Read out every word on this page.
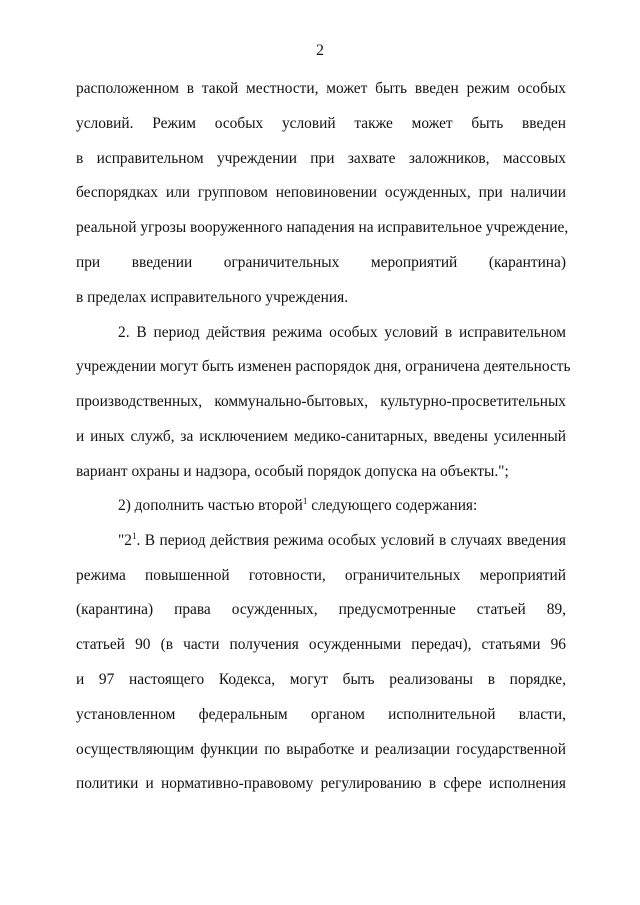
2
расположенном в такой местности, может быть введен режим особых
условий. Режим особых условий также может быть введен
в исправительном учреждении при захвате заложников, массовых
беспорядках или групповом неповиновении осужденных, при наличии
реальной угрозы вооруженного нападения на исправительное учреждение,
при введении ограничительных мероприятий (карантина)
в пределах исправительного учреждения.
2. В период действия режима особых условий в исправительном
учреждении могут быть изменен распорядок дня, ограничена деятельность
производственных, коммунально-бытовых, культурно-просветительных
и иных служб, за исключением медико-санитарных, введены усиленный
вариант охраны и надзора, особый порядок допуска на объекты.";
2) дополнить частью второй$^1$ следующего содержания:
"$2^1$. В период действия режима особых условий в случаях введения
режима повышенной готовности, ограничительных мероприятий
(карантина) права осужденных, предусмотренные статьей 89,
статьей 90 (в части получения осужденными передач), статьями 96
и 97 настоящего Кодекса, могут быть реализованы в порядке,
установленном федеральным органом исполнительной власти,
осуществляющим функции по выработке и реализации государственной
политики и нормативно-правовому регулированию в сфере исполнения
